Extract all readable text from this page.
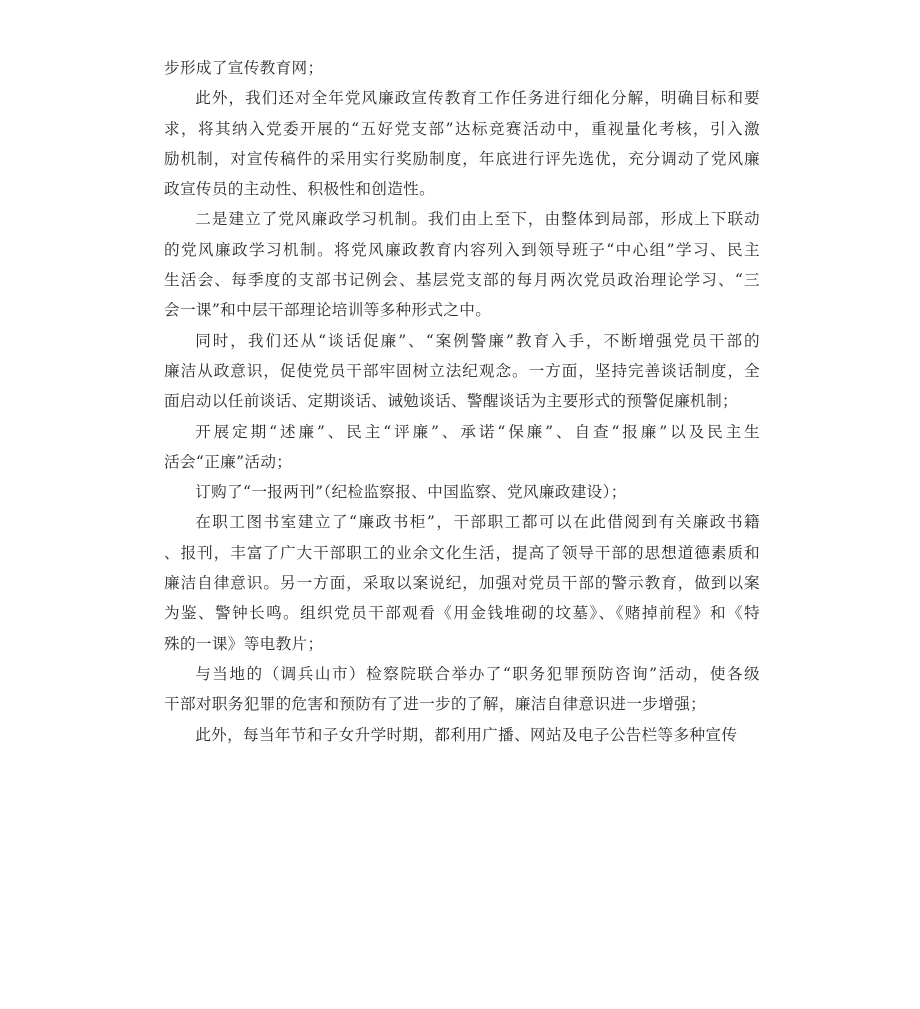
步形成了宣传教育网；

此外，我们还对全年党风廉政宣传教育工作任务进行细化分解，明确目标和要
求，将其纳入党委开展的“五好党支部”达标竞赛活动中，重视量化考核，引入激
励机制，对宣传稿件的采用实行奖励制度，年底进行评先选优，充分调动了党风廉
政宣传员的主动性、积极性和创造性。

二是建立了党风廉政学习机制。我们由上至下，由整体到局部，形成上下联动
的党风廉政学习机制。将党风廉政教育内容列入到领导班子“中心组”学习、民主
生活会、每季度的支部书记例会、基层党支部的每月两次党员政治理论学习、“三
会一课”和中层干部理论培训等多种形式之中。

同时，我们还从“谈话促廉”、“案例警廉”教育入手，不断增强党员干部的
廉洁从政意识，促使党员干部牢固树立法纪观念。一方面，坚持完善谈话制度，全
面启动以任前谈话、定期谈话、诫勉谈话、警醒谈话为主要形式的预警促廉机制；

开展定期“述廉”、民主“评廉”、承诺“保廉”、自查“报廉”以及民主生
活会“正廉”活动；

订购了“一报两刊”（纪检监察报、中国监察、党风廉政建设）；

在职工图书室建立了“廉政书柜”，干部职工都可以在此借阅到有关廉政书籍
、报刊，丰富了广大干部职工的业余文化生活，提高了领导干部的思想道德素质和
廉洁自律意识。另一方面，采取以案说纪，加强对党员干部的警示教育，做到以案
为鉴、警钟长鸣。组织党员干部观看《用金钱堆砌的坟墓》、《赌掉前程》和《特
殊的一课》等电教片；

与当地的（调兵山市）检察院联合举办了“职务犯罪预防咨询”活动，使各级
干部对职务犯罪的危害和预防有了进一步的了解，廉洁自律意识进一步增强；

此外，每当年节和子女升学时期，都利用广播、网站及电子公告栏等多种宣传
